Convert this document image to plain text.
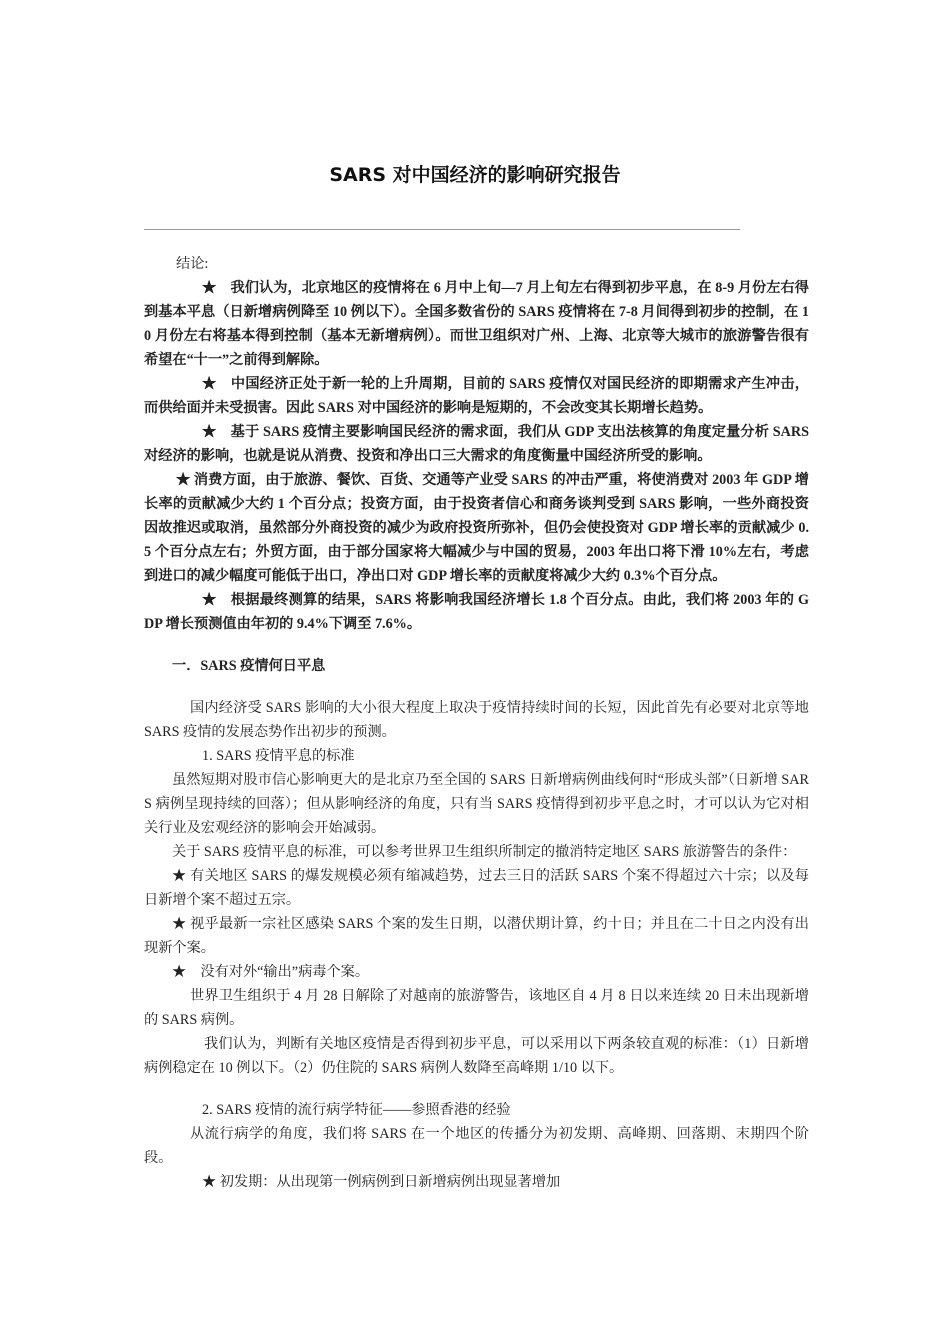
SARS 对中国经济的影响研究报告

结论:

★　我们认为，北京地区的疫情将在 6 月中上旬—7 月上旬左右得到初步平息，在 8-9 月份左右得到基本平息（日新增病例降至 10 例以下）。全国多数省份的 SARS 疫情将在 7-8 月间得到初步的控制，在 10 月份左右将基本得到控制（基本无新增病例）。而世卫组织对广州、上海、北京等大城市的旅游警告很有希望在“十一”之前得到解除。

★　中国经济正处于新一轮的上升周期，目前的 SARS 疫情仅对国民经济的即期需求产生冲击，而供给面并未受损害。因此 SARS 对中国经济的影响是短期的，不会改变其长期增长趋势。

★　基于 SARS 疫情主要影响国民经济的需求面，我们从 GDP 支出法核算的角度定量分析 SARS 对经济的影响，也就是说从消费、投资和净出口三大需求的角度衡量中国经济所受的影响。

★ 消费方面，由于旅游、餐饮、百货、交通等产业受 SARS 的冲击严重，将使消费对 2003 年 GDP 增长率的贡献减少大约 1 个百分点；投资方面，由于投资者信心和商务谈判受到 SARS 影响，一些外商投资因故推迟或取消，虽然部分外商投资的减少为政府投资所弥补，但仍会使投资对 GDP 增长率的贡献减少 0.5 个百分点左右；外贸方面，由于部分国家将大幅减少与中国的贸易，2003 年出口将下滑 10%左右，考虑到进口的减少幅度可能低于出口，净出口对 GDP 增长率的贡献度将减少大约 0.3%个百分点。

★　根据最终测算的结果，SARS 将影响我国经济增长 1.8 个百分点。由此，我们将 2003 年的 GDP 增长预测值由年初的 9.4%下调至 7.6%。

一．SARS 疫情何日平息

国内经济受 SARS 影响的大小很大程度上取决于疫情持续时间的长短，因此首先有必要对北京等地 SARS 疫情的发展态势作出初步的预测。

1. SARS 疫情平息的标准

虽然短期对股市信心影响更大的是北京乃至全国的 SARS 日新增病例曲线何时“形成头部”（日新增 SARS 病例呈现持续的回落）；但从影响经济的角度，只有当 SARS 疫情得到初步平息之时，才可以认为它对相关行业及宏观经济的影响会开始减弱。

关于 SARS 疫情平息的标准，可以参考世界卫生组织所制定的撤消特定地区 SARS 旅游警告的条件：

★ 有关地区 SARS 的爆发规模必须有缩减趋势，过去三日的活跃 SARS 个案不得超过六十宗；以及每日新增个案不超过五宗。

★ 视乎最新一宗社区感染 SARS 个案的发生日期，以潜伏期计算，约十日；并且在二十日之内没有出现新个案。

★　没有对外“输出”病毒个案。

世界卫生组织于 4 月 28 日解除了对越南的旅游警告，该地区自 4 月 8 日以来连续 20 日未出现新增的 SARS 病例。

我们认为，判断有关地区疫情是否得到初步平息，可以采用以下两条较直观的标准：（1）日新增病例稳定在 10 例以下。（2）仍住院的 SARS 病例人数降至高峰期 1/10 以下。

2. SARS 疫情的流行病学特征——参照香港的经验

从流行病学的角度，我们将 SARS 在一个地区的传播分为初发期、高峰期、回落期、末期四个阶段。

★ 初发期：从出现第一例病例到日新增病例出现显著增加
